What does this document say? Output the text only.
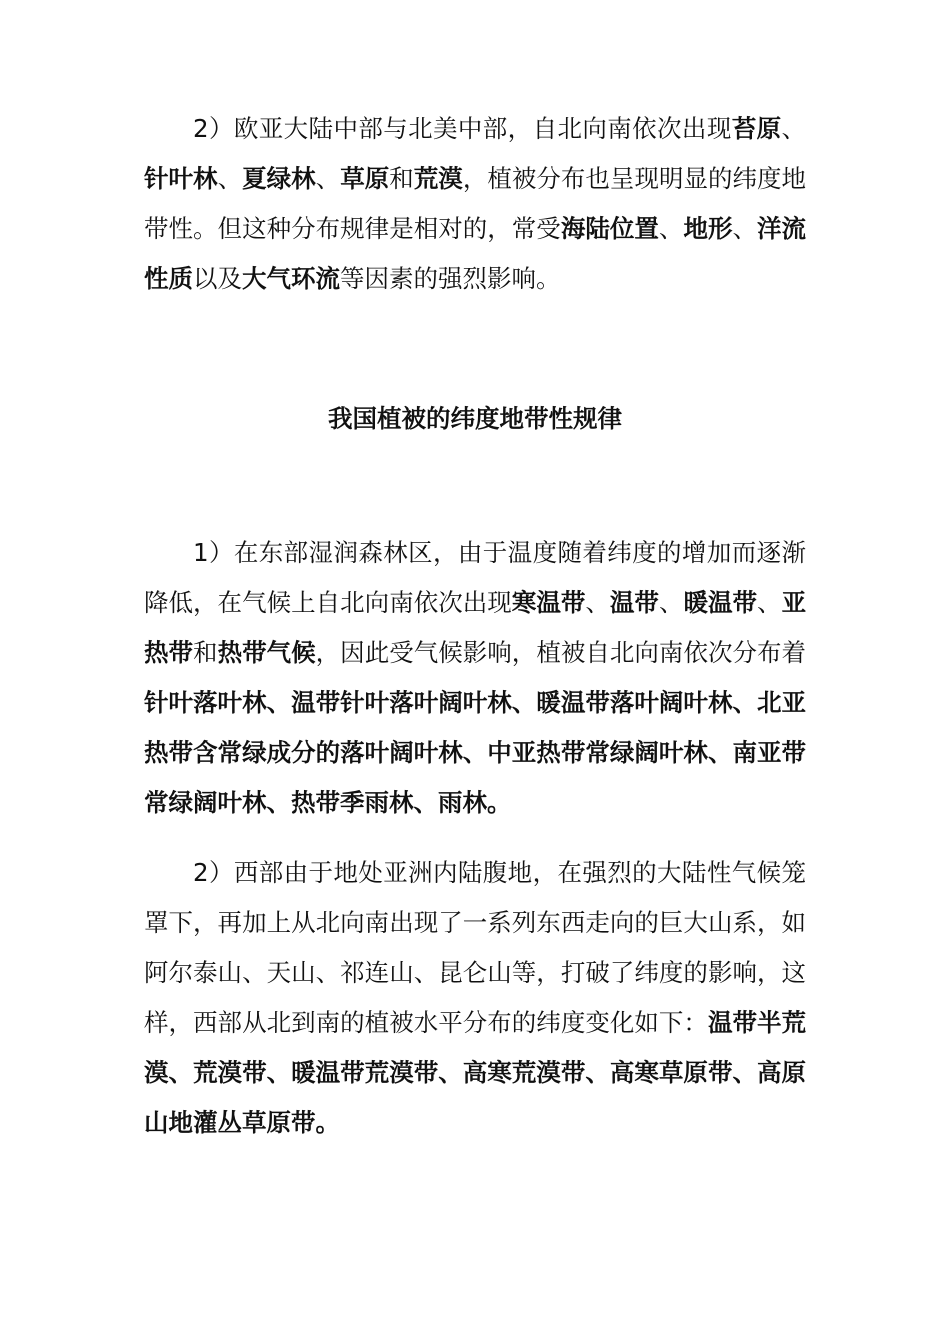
2）欧亚大陆中部与北美中部，自北向南依次出现苔原、针叶林、夏绿林、草原和荒漠，植被分布也呈现明显的纬度地带性。但这种分布规律是相对的，常受海陆位置、地形、洋流性质以及大气环流等因素的强烈影响。

我国植被的纬度地带性规律

1）在东部湿润森林区，由于温度随着纬度的增加而逐渐降低，在气候上自北向南依次出现寒温带、温带、暖温带、亚热带和热带气候，因此受气候影响，植被自北向南依次分布着针叶落叶林、温带针叶落叶阔叶林、暖温带落叶阔叶林、北亚热带含常绿成分的落叶阔叶林、中亚热带常绿阔叶林、南亚带常绿阔叶林、热带季雨林、雨林。

2）西部由于地处亚洲内陆腹地，在强烈的大陆性气候笼罩下，再加上从北向南出现了一系列东西走向的巨大山系，如阿尔泰山、天山、祁连山、昆仑山等，打破了纬度的影响，这样，西部从北到南的植被水平分布的纬度变化如下：温带半荒漠、荒漠带、暖温带荒漠带、高寒荒漠带、高寒草原带、高原山地灌丛草原带。
